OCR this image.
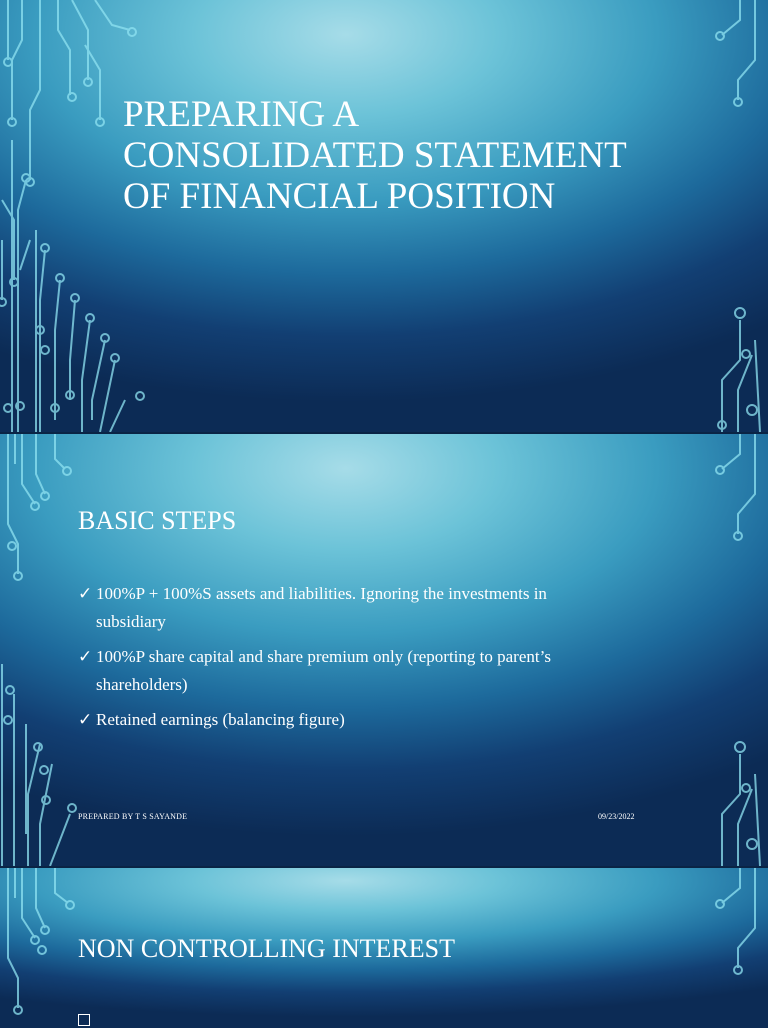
PREPARING A
CONSOLIDATED STATEMENT
OF FINANCIAL POSITION
BASIC STEPS
✓ 100%P + 100%S assets and liabilities. Ignoring the investments in
subsidiary
✓ 100%P share capital and share premium only (reporting to parent’s
shareholders)
✓ Retained earnings (balancing figure)
PREPARED BY T S SAYANDE	09/23/2022
NON CONTROLLING INTEREST
